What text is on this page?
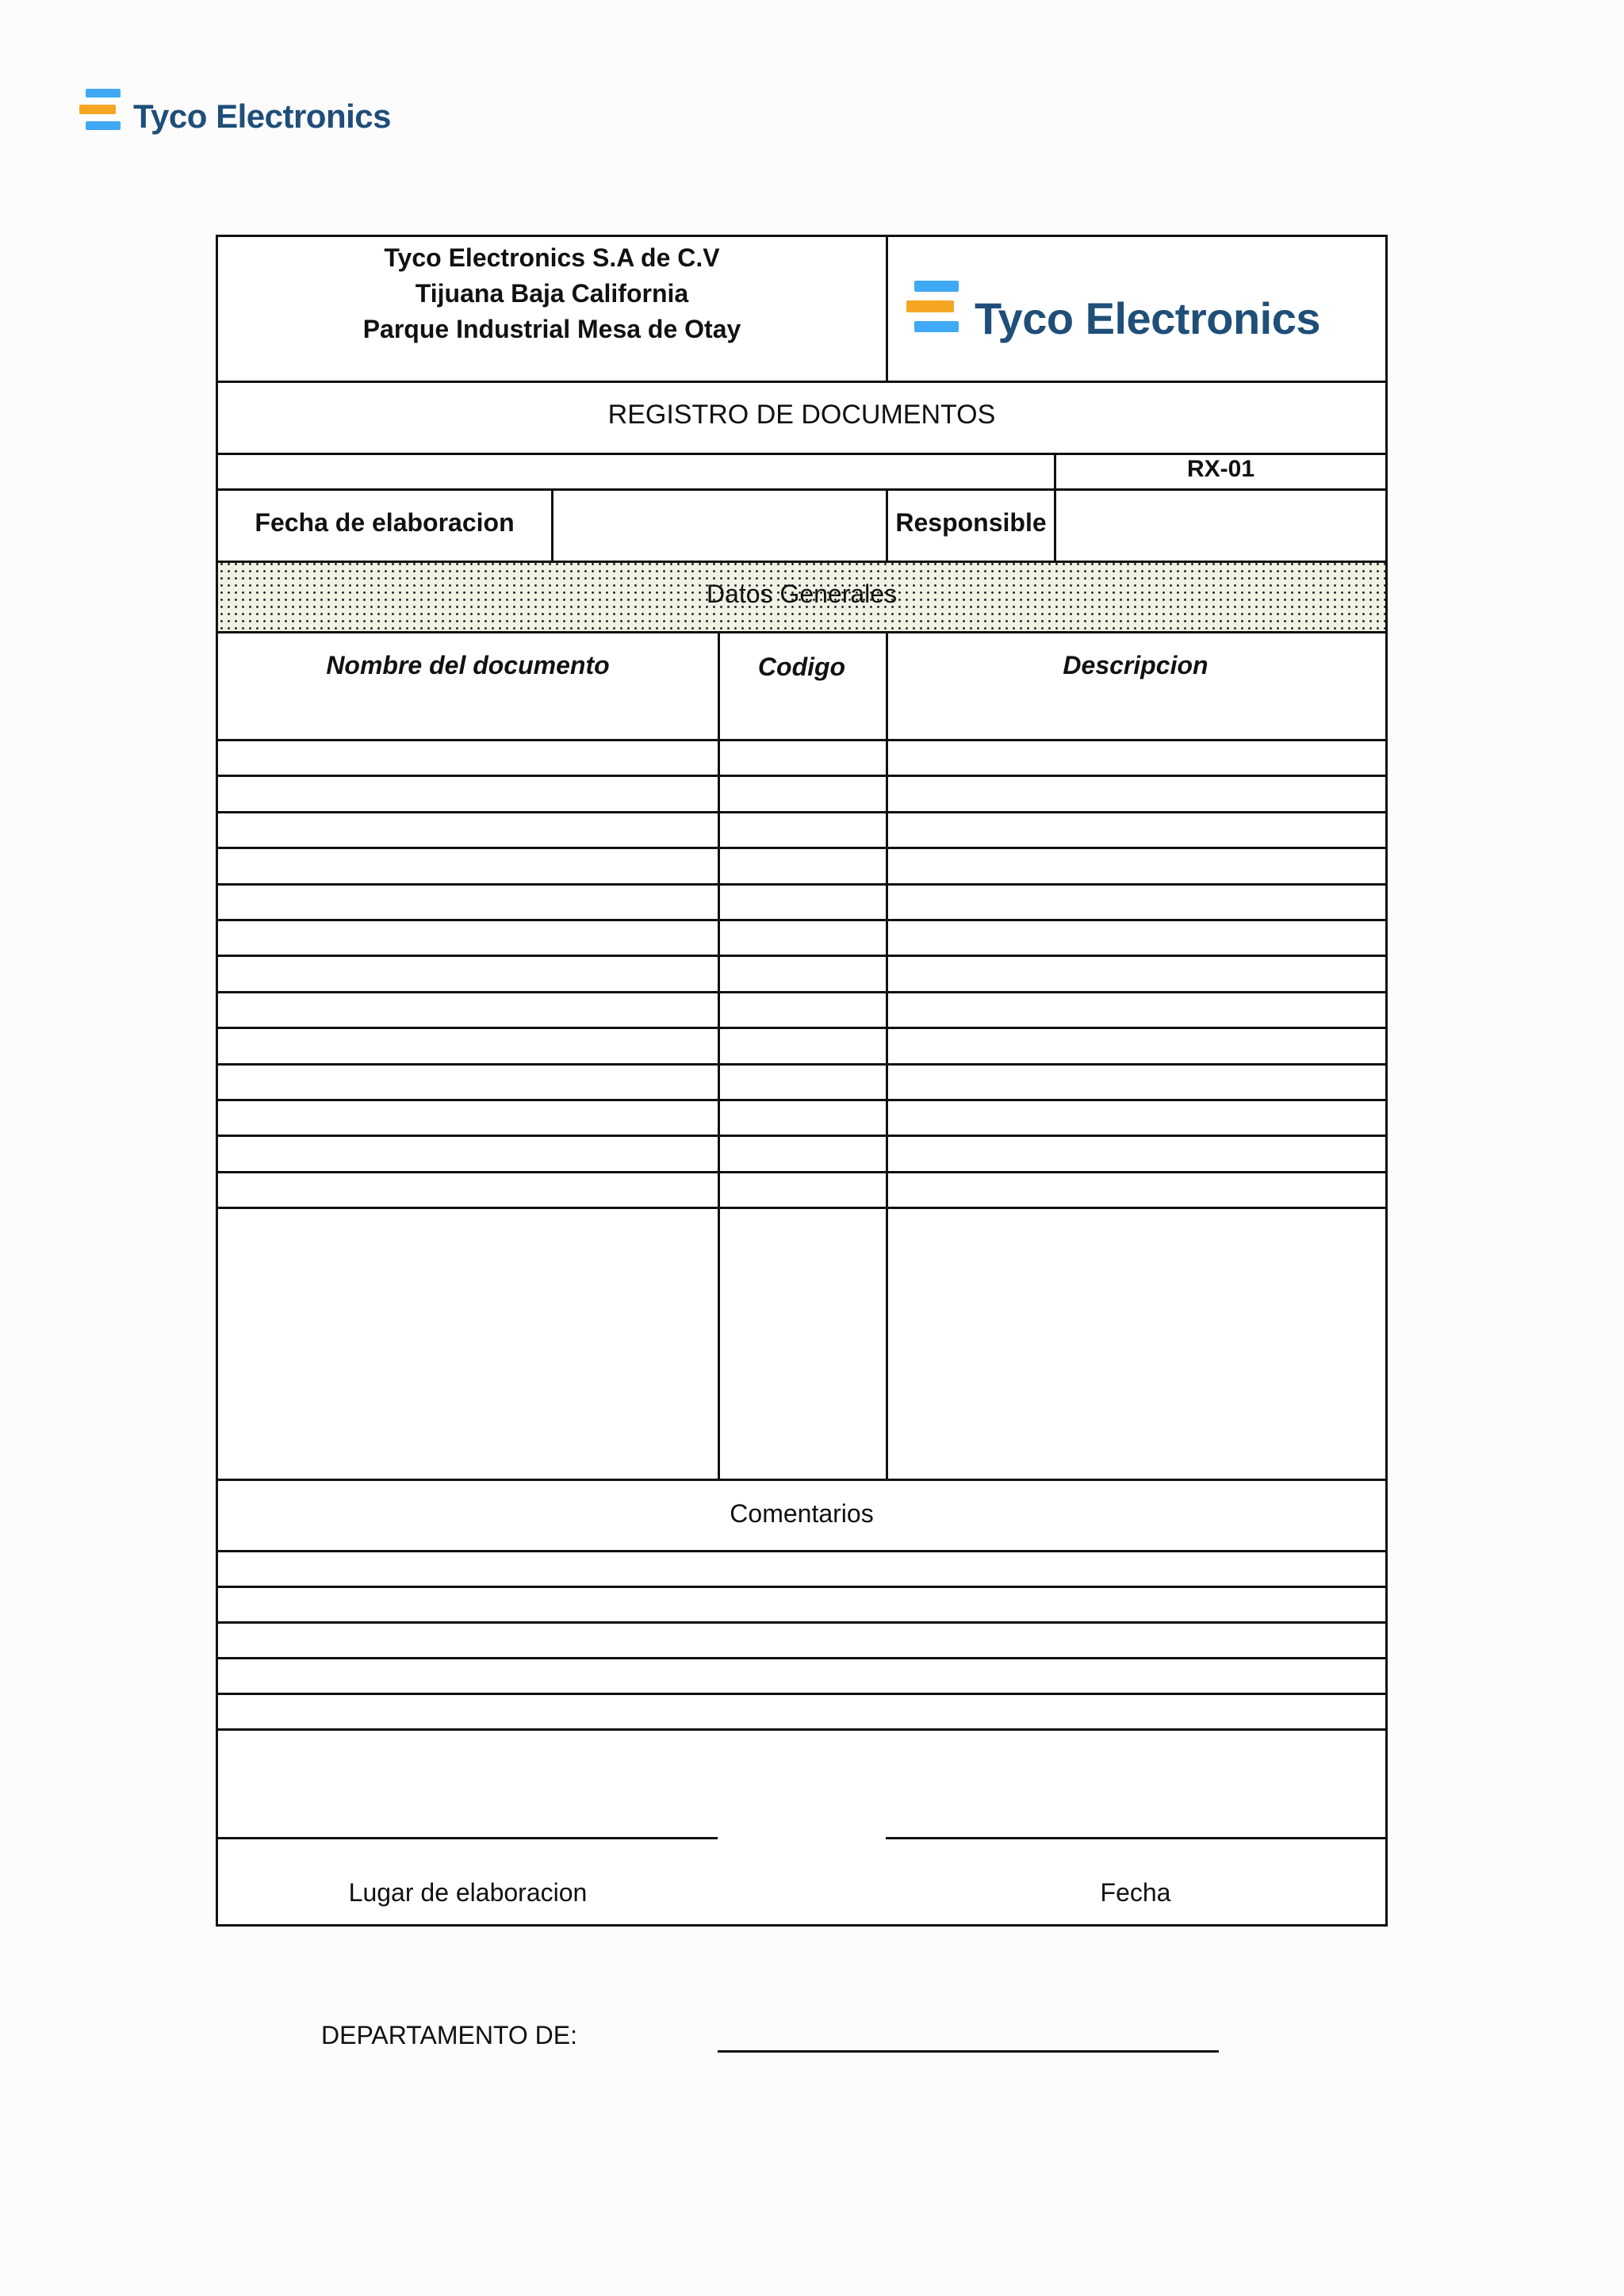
Tyco Electronics
Tyco Electronics S.A de C.V
Tijuana Baja California
Parque Industrial Mesa de Otay	Tyco Electronics
REGISTRO DE DOCUMENTOS
RX-01
Fecha de elaboracion	Responsible
Datos Generales
Nombre del documento	Codigo	Descripcion
Comentarios
Lugar de elaboracion	Fecha
DEPARTAMENTO DE:
